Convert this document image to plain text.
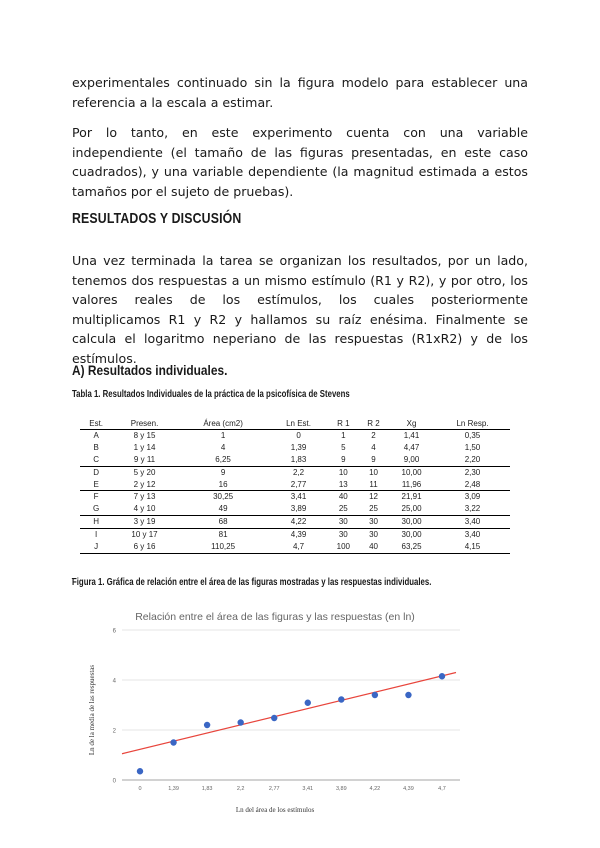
experimentales continuado sin la figura modelo para establecer una referencia a la escala a estimar.

Por lo tanto, en este experimento cuenta con una variable independiente (el tamaño de las figuras presentadas, en este caso cuadrados), y una variable dependiente (la magnitud estimada a estos tamaños por el sujeto de pruebas).

RESULTADOS Y DISCUSIÓN

Una vez terminada la tarea se organizan los resultados, por un lado, tenemos dos respuestas a un mismo estímulo (R1 y R2), y por otro, los valores reales de los estímulos, los cuales posteriormente multiplicamos R1 y R2 y hallamos su raíz enésima. Finalmente se calcula el logaritmo neperiano de las respuestas (R1xR2) y de los estímulos.

A) Resultados individuales.

Tabla 1. Resultados Individuales de la práctica de la psicofísica de Stevens

Est.	Presen.	Área (cm2)	Ln Est.	R 1	R 2	Xg	Ln Resp.
A	8 y 15	1	0	1	2	1,41	0,35
B	1 y 14	4	1,39	5	4	4,47	1,50
C	9 y 11	6,25	1,83	9	9	9,00	2,20
D	5 y 20	9	2,2	10	10	10,00	2,30
E	2 y 12	16	2,77	13	11	11,96	2,48
F	7 y 13	30,25	3,41	40	12	21,91	3,09
G	4 y 10	49	3,89	25	25	25,00	3,22
H	3 y 19	68	4,22	30	30	30,00	3,40
I	10 y 17	81	4,39	30	30	30,00	3,40
J	6 y 16	110,25	4,7	100	40	63,25	4,15
.

Figura 1. Gráfica de relación entre el área de las figuras mostradas y las respuestas individuales.

Relación entre el área de las figuras y las respuestas (en ln)
6
4
2
0
0	1,39	1,83	2,2	2,77	3,41	3,89	4,22	4,39	4,7
Ln del área de los estímulos
Ln de la media de las respuestas
